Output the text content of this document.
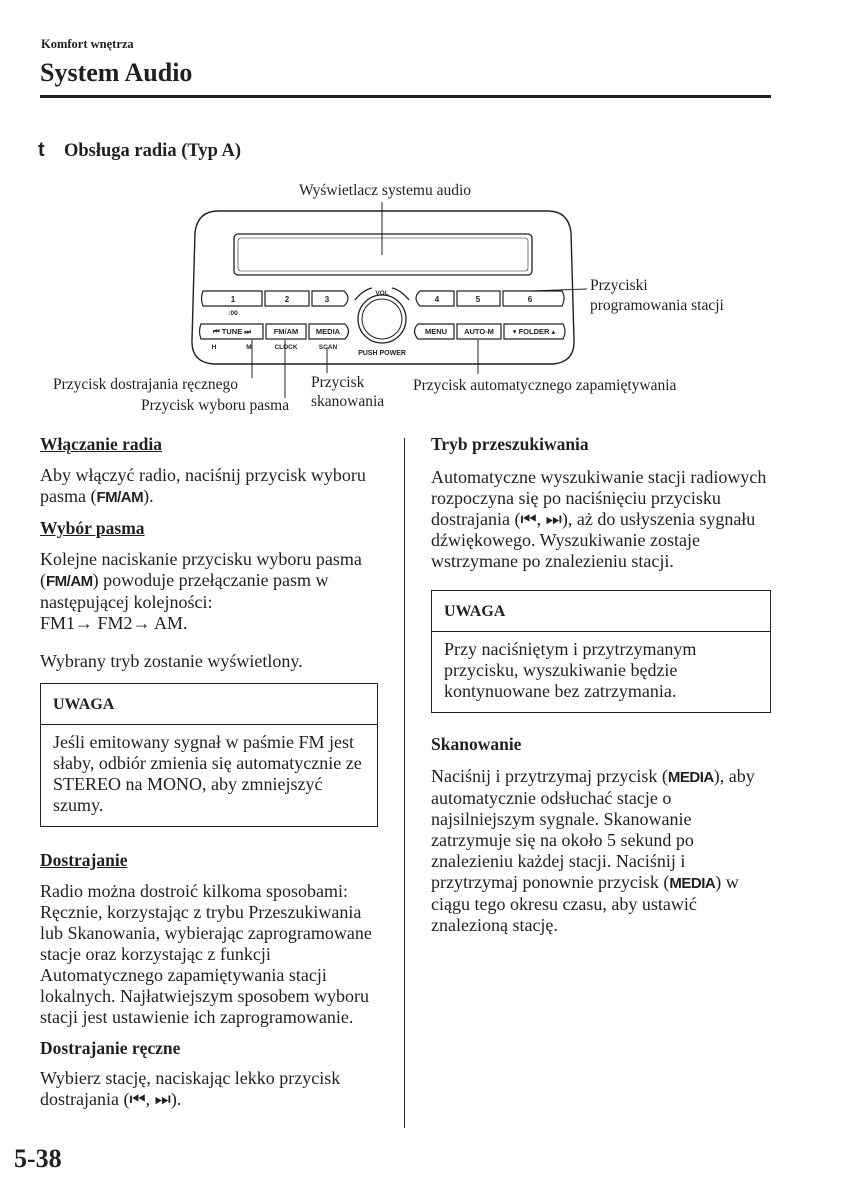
Komfort wnętrza
System Audio
t Obsługa radia (Typ A)
1	2	3	4	5	6
:00
VOL
⏮ TUNE ⏭	FM/AM MEDIA	MENU AUTO-M	▾ FOLDER ▴
H	M	CLOCK	SCAN
PUSH POWER
Wyświetlacz systemu audio
Przyciski
programowania stacji
Przycisk dostrajania ręcznego
Przycisk wyboru pasma
Przycisk
skanowania
Przycisk automatycznego zapamiętywania

Włączanie radia

Aby włączyć radio, naciśnij przycisk wyboru pasma (FM/AM).

Wybór pasma

Kolejne naciskanie przycisku wyboru pasma (FM/AM) powoduje przełączanie pasm w następującej kolejności:
FM1→ FM2→ AM.

Wybrany tryb zostanie wyświetlony.

UWAGA
Jeśli emitowany sygnał w paśmie FM jest słaby, odbiór zmienia się automatycznie ze STEREO na MONO, aby zmniejszyć szumy.

Dostrajanie

Radio można dostroić kilkoma sposobami: Ręcznie, korzystając z trybu Przeszukiwania lub Skanowania, wybierając zaprogramowane stacje oraz korzystając z funkcji Automatycznego zapamiętywania stacji lokalnych. Najłatwiejszym sposobem wyboru stacji jest ustawienie ich zaprogramowanie.

Dostrajanie ręczne

Wybierz stację, naciskając lekko przycisk dostrajania (⏮, ⏭).

Tryb przeszukiwania

Automatyczne wyszukiwanie stacji radiowych rozpoczyna się po naciśnięciu przycisku dostrajania (⏮, ⏭), aż do usłyszenia sygnału dźwiękowego. Wyszukiwanie zostaje wstrzymane po znalezieniu stacji.

UWAGA
Przy naciśniętym i przytrzymanym przycisku, wyszukiwanie będzie kontynuowane bez zatrzymania.

Skanowanie

Naciśnij i przytrzymaj przycisk (MEDIA), aby automatycznie odsłuchać stacje o najsilniejszym sygnale. Skanowanie zatrzymuje się na około 5 sekund po znalezieniu każdej stacji. Naciśnij i przytrzymaj ponownie przycisk (MEDIA) w ciągu tego okresu czasu, aby ustawić znalezioną stację.

5-38
